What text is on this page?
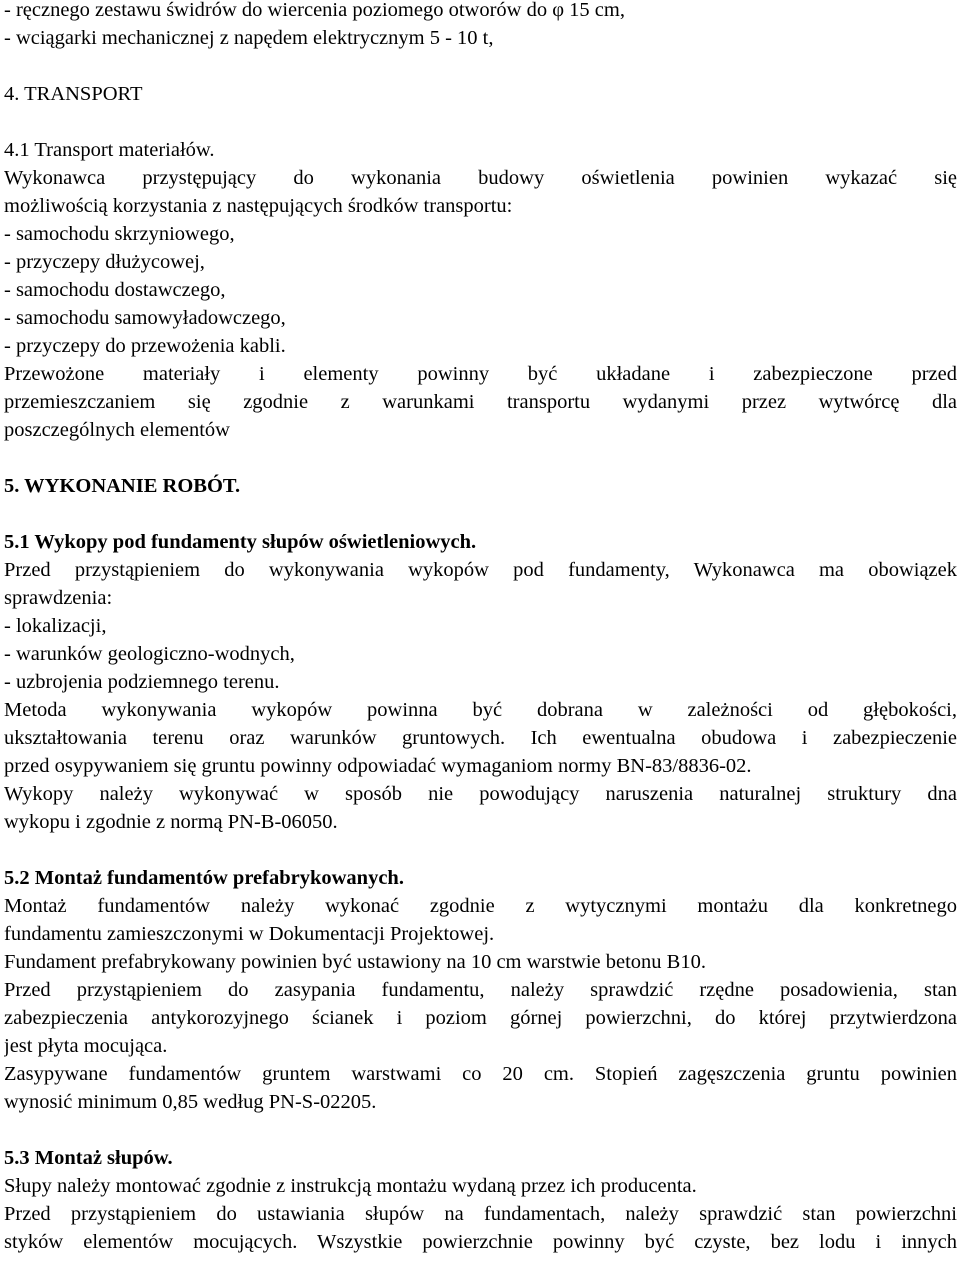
- ręcznego zestawu świdrów do wiercenia poziomego otworów do φ 15 cm,
- wciągarki mechanicznej z napędem elektrycznym 5 - 10 t,
4. TRANSPORT
4.1 Transport materiałów.
Wykonawca przystępujący do wykonania budowy oświetlenia powinien wykazać się
możliwością korzystania z następujących środków transportu:
- samochodu skrzyniowego,
- przyczepy dłużycowej,
- samochodu dostawczego,
- samochodu samowyładowczego,
- przyczepy do przewożenia kabli.
Przewożone materiały i elementy powinny być układane i zabezpieczone przed
przemieszczaniem się zgodnie z warunkami transportu wydanymi przez wytwórcę dla
poszczególnych elementów
5. WYKONANIE ROBÓT.
5.1 Wykopy pod fundamenty słupów oświetleniowych.
Przed przystąpieniem do wykonywania wykopów pod fundamenty, Wykonawca ma obowiązek
sprawdzenia:
- lokalizacji,
- warunków geologiczno-wodnych,
- uzbrojenia podziemnego terenu.
Metoda wykonywania wykopów powinna być dobrana w zależności od głębokości,
ukształtowania terenu oraz warunków gruntowych. Ich ewentualna obudowa i zabezpieczenie
przed osypywaniem się gruntu powinny odpowiadać wymaganiom normy BN-83/8836-02.
Wykopy należy wykonywać w sposób nie powodujący naruszenia naturalnej struktury dna
wykopu i zgodnie z normą PN-B-06050.
5.2 Montaż fundamentów prefabrykowanych.
Montaż fundamentów należy wykonać zgodnie z wytycznymi montażu dla konkretnego
fundamentu zamieszczonymi w Dokumentacji Projektowej.
Fundament prefabrykowany powinien być ustawiony na 10 cm warstwie betonu B10.
Przed przystąpieniem do zasypania fundamentu, należy sprawdzić rzędne posadowienia, stan
zabezpieczenia antykorozyjnego ścianek i poziom górnej powierzchni, do której przytwierdzona
jest płyta mocująca.
Zasypywane fundamentów gruntem warstwami co 20 cm. Stopień zagęszczenia gruntu powinien
wynosić minimum 0,85 według PN-S-02205.
5.3 Montaż słupów.
Słupy należy montować zgodnie z instrukcją montażu wydaną przez ich producenta.
Przed przystąpieniem do ustawiania słupów na fundamentach, należy sprawdzić stan powierzchni
styków elementów mocujących. Wszystkie powierzchnie powinny być czyste, bez lodu i innych
